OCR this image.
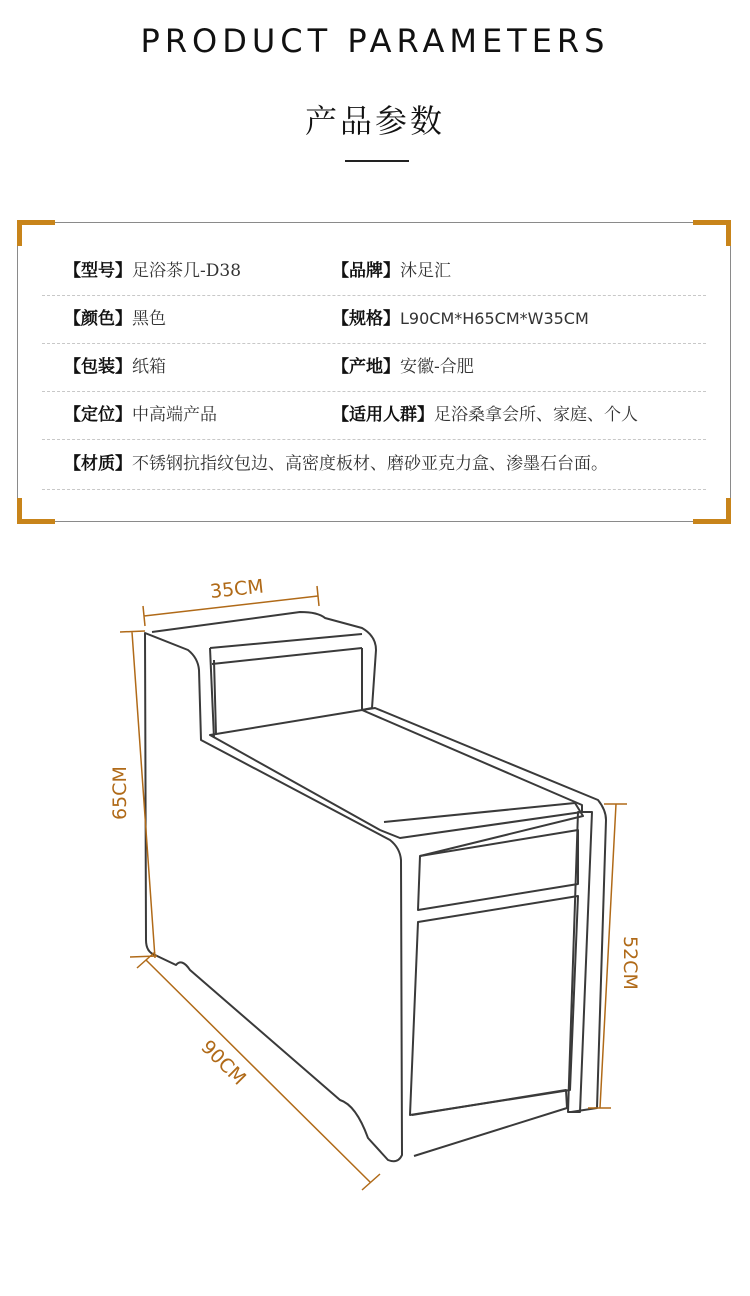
PRODUCT PARAMETERS
产品参数
【型号】足浴茶几-D38	【品牌】沐足汇
【颜色】黑色	【规格】L90CM*H65CM*W35CM
【包装】纸箱	【产地】安徽-合肥
【定位】中高端产品	【适用人群】足浴桑拿会所、家庭、个人
【材质】不锈钢抗指纹包边、高密度板材、磨砂亚克力盒、渗墨石台面。
35CM
65CM
90CM
52CM
